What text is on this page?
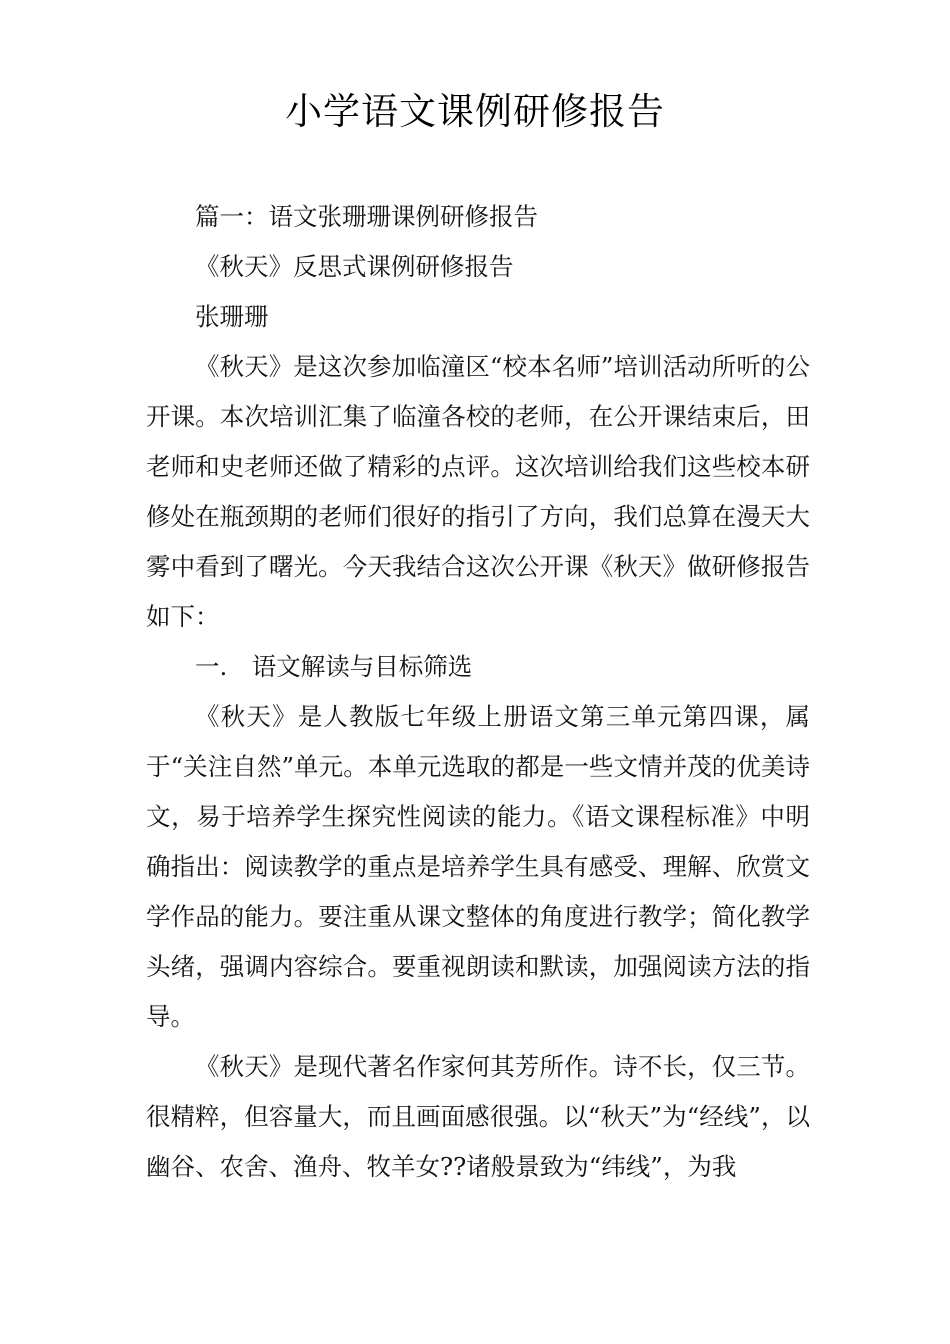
小学语文课例研修报告

篇一：语文张珊珊课例研修报告

《秋天》反思式课例研修报告

张珊珊

《秋天》是这次参加临潼区“校本名师”培训活动所听的公开课。本次培训汇集了临潼各校的老师，在公开课结束后，田老师和史老师还做了精彩的点评。这次培训给我们这些校本研修处在瓶颈期的老师们很好的指引了方向，我们总算在漫天大雾中看到了曙光。今天我结合这次公开课《秋天》做研修报告如下：

一.　语文解读与目标筛选

《秋天》是人教版七年级上册语文第三单元第四课，属于“关注自然”单元。本单元选取的都是一些文情并茂的优美诗文，易于培养学生探究性阅读的能力。《语文课程标准》中明确指出：阅读教学的重点是培养学生具有感受、理解、欣赏文学作品的能力。要注重从课文整体的角度进行教学；简化教学头绪，强调内容综合。要重视朗读和默读，加强阅读方法的指导。

《秋天》是现代著名作家何其芳所作。诗不长，仅三节。很精粹，但容量大，而且画面感很强。以“秋天”为“经线”，以幽谷、农舍、渔舟、牧羊女??诸般景致为“纬线”，为我
